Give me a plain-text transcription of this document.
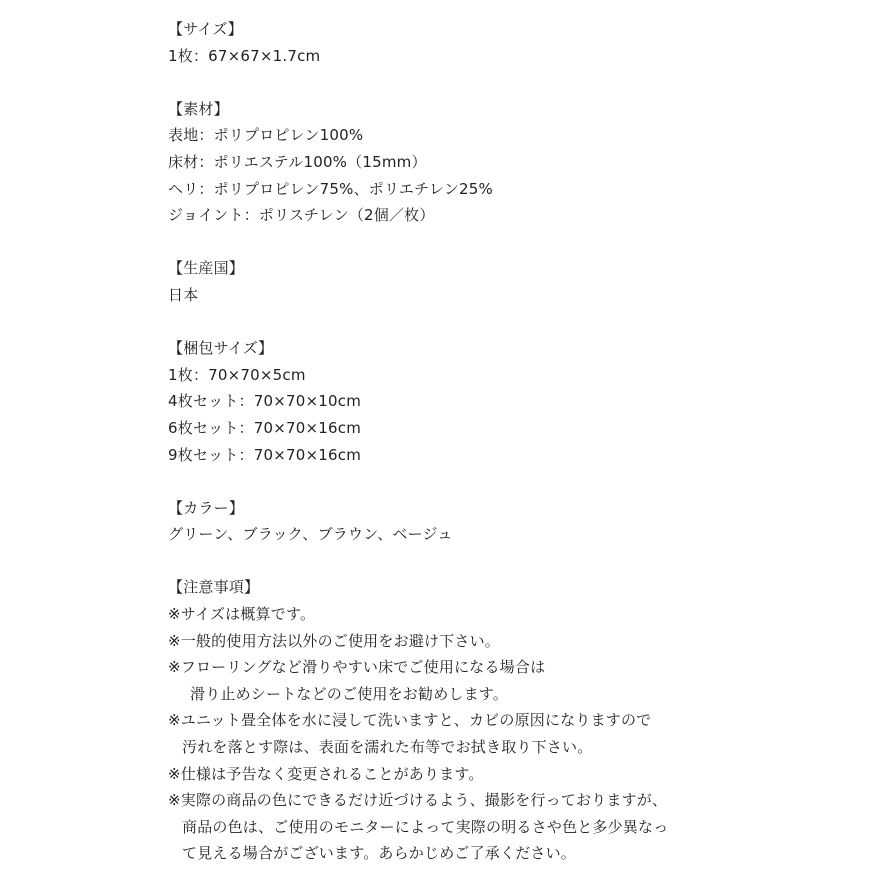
【サイズ】
1枚：67×67×1.7cm
【素材】
表地：ポリプロピレン100%
床材：ポリエステル100%（15mm）
ヘリ：ポリプロピレン75%、ポリエチレン25%
ジョイント：ポリスチレン（2個／枚）
【生産国】
日本
【梱包サイズ】
1枚：70×70×5cm
4枚セット：70×70×10cm
6枚セット：70×70×16cm
9枚セット：70×70×16cm
【カラー】
グリーン、ブラック、ブラウン、ベージュ
【注意事項】
※サイズは概算です。
※一般的使用方法以外のご使用をお避け下さい。
※フローリングなど滑りやすい床でご使用になる場合は
滑り止めシートなどのご使用をお勧めします。
※ユニット畳全体を水に浸して洗いますと、カビの原因になりますので
汚れを落とす際は、表面を濡れた布等でお拭き取り下さい。
※仕様は予告なく変更されることがあります。
※実際の商品の色にできるだけ近づけるよう、撮影を行っておりますが、
商品の色は、ご使用のモニターによって実際の明るさや色と多少異なっ
て見える場合がございます。あらかじめご了承ください。
